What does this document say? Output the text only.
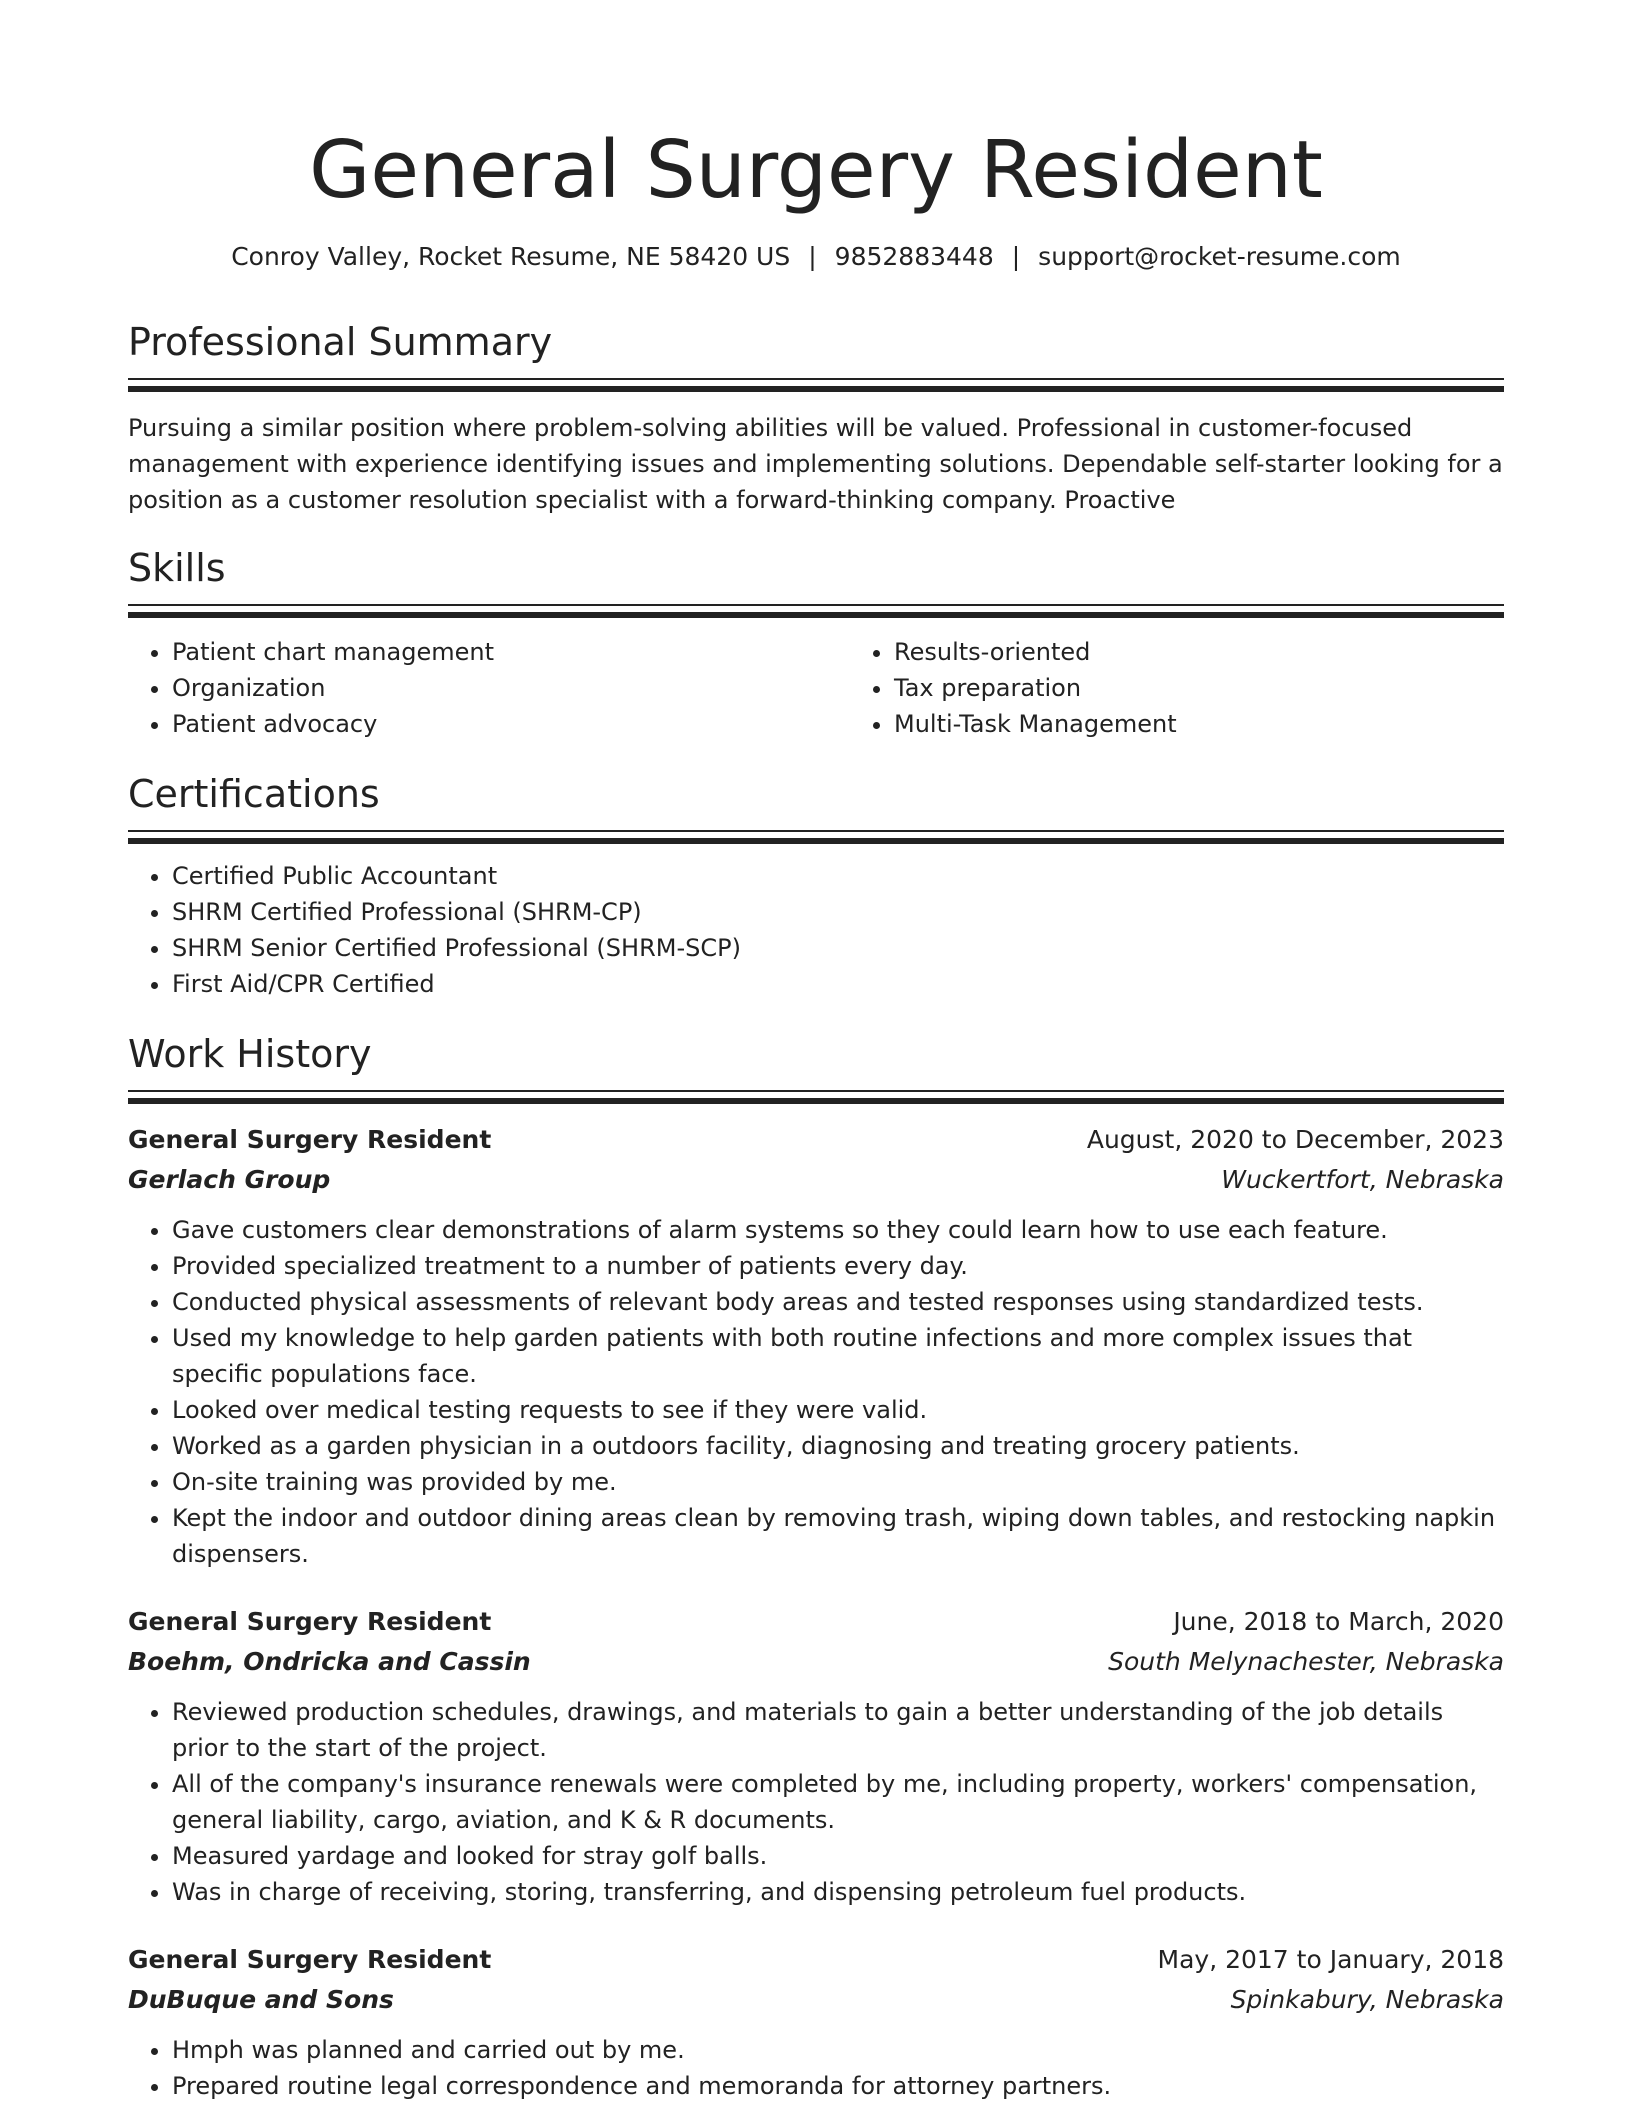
General Surgery Resident
Conroy Valley, Rocket Resume, NE 58420 US | 9852883448 | support@rocket-resume.com
Professional Summary

Pursuing a similar position where problem-solving abilities will be valued. Professional in customer-focused management with experience identifying issues and implementing solutions. Dependable self-starter looking for a position as a customer resolution specialist with a forward-thinking company. Proactive

Skills
• Patient chart management
• Organization
• Patient advocacy
• Results-oriented
• Tax preparation
• Multi-Task Management
Certifications
• Certified Public Accountant
• SHRM Certified Professional (SHRM-CP)
• SHRM Senior Certified Professional (SHRM-SCP)
• First Aid/CPR Certified
Work History
General Surgery Resident	August, 2020 to December, 2023
Gerlach Group	Wuckertfort, Nebraska
• Gave customers clear demonstrations of alarm systems so they could learn how to use each feature.
• Provided specialized treatment to a number of patients every day.
• Conducted physical assessments of relevant body areas and tested responses using standardized tests.
• Used my knowledge to help garden patients with both routine infections and more complex issues that specific populations face.
• Looked over medical testing requests to see if they were valid.
• Worked as a garden physician in a outdoors facility, diagnosing and treating grocery patients.
• On-site training was provided by me.
• Kept the indoor and outdoor dining areas clean by removing trash, wiping down tables, and restocking napkin dispensers.
General Surgery Resident	June, 2018 to March, 2020
Boehm, Ondricka and Cassin	South Melynachester, Nebraska
• Reviewed production schedules, drawings, and materials to gain a better understanding of the job details prior to the start of the project.
• All of the company's insurance renewals were completed by me, including property, workers' compensation, general liability, cargo, aviation, and K & R documents.
• Measured yardage and looked for stray golf balls.
• Was in charge of receiving, storing, transferring, and dispensing petroleum fuel products.
General Surgery Resident	May, 2017 to January, 2018
DuBuque and Sons	Spinkabury, Nebraska
• Hmph was planned and carried out by me.
• Prepared routine legal correspondence and memoranda for attorney partners.
